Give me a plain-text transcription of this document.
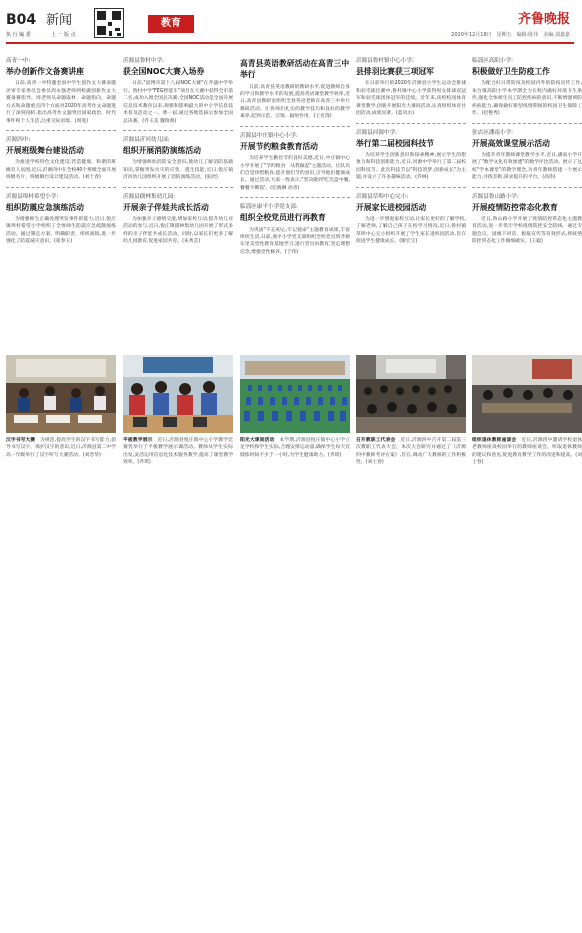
B04 新闻
执 行 编 委	上 一 版 点
教育	齐鲁晚报
2020年12月18日　星期五　编辑:陈伟　美编:刘嘉嘉
高青一中:
举办创新作文备赛讲座
日前,高青一中特邀金国中学生创作文大赛命题评审专家委员会委员周永强老师到校做创新作文大赛备赛指导。周老师从命题取材、命题指向、命题方式和命题重点四个方面对2020年高考作文命题进行了深刻剖析,指出高考作文题突出国家政治、时代事件和个人生活,注重交际语境。(周进)
沂源四中:
开展班级舞台建设活动
为推进学校特色文化建设,营造健康、和谐的班级育人氛围,近日,沂源四中在全校40个班级全面开展班级名片、班级舞台设计建设活动。(刘士春)
沂源县埠村希望小学:
组织防震应急演练活动
为增强师生正确处理突发事件的能力,近日,悦庄镇埠村希望小学组织了全体师生防震应急疏散演练活动。通过制定方案、明确职责、组织演练,进一步强化了防震减灾意识。(崔春玉)
沂源县鲁村中学:
获全国NOC大赛入场券
日前,"淄博市第十八届NOC大赛"在齐盛中学举行。鲁村中学"FEG智能车"项目在大赛中获得全市第二名,成功入围全国总决赛,全国NOC活动是全国开展信息技术教育以来,规模和影响最大的中小学信息技术普及活动之一。尊一届,通过各地选拔后参加全国总决赛。(乔玉美 魏瑞燕)
沂源县沂河幼儿园:
组织开展消防演练活动
为增强师幼消防安全意识,使幼儿了解消防基础知识,掌握突发火灾的应变、逃生技能,近日,悦庄镇沂河幼儿园组织开展了消防演练活动。(张欣)
沂源县儒林集幼儿园:
开展亲子伴娃共成长活动
为加强亲子感情交流,增加家校互动,提升幼儿对活动的参与,近日,悦庄镇儒林集幼儿园开展了形式多样的亲子伴娃共成长活动。同时,以家长们更多了解幼儿园教育,促进家园共育。(朱秀芸)
高青县英语教研活动在高青三中举行
日前,高青县英语教研的教研水平,促进教师自身的学习和教学水平的发展,提高英语课堂教学效率,近日,高青县教研室组织全县英语老师在高青三中举行教研活动。让各师们扎实的教学技巧和良好的教学素养,起到示范、引领、辐射作用。(王克锋)
沂源县中庄镇中心小学:
开展节约粮食教育活动
为培养学生勤俭节约良好美德,近日,中庄镇中心小学开展了"节约粮食　从我做起"主题活动。让队员们自觉珍惜粮食,提升他们节约意识,引导他们健康成长。通过活动,大家一致表示,"坚决做到'吃光盘中餐,餐餐不剩饭'。(任晓琳 孙青)
临淄区康平小学党支部:
组织全校党员进行再教育
为巩固"不忘初心,牢记使命"主题教育成果,丰富组织生活,日前,康平小学党支部组织全校党员到齐源东里美党性教育基地学习,进行党员再教育,坚定理想信念,增强党性修养。(于伟)
沂源县鲁村镇中心小学:
县排羽比赛获三项冠军
在日前举行的2020年沂源县小学生运动会排球和羽毛球比赛中,鲁村镇中心小学获得男女排球双冠军和羽毛球团体冠军的佳绩。近年来,该校校园体育课堂教学,创新开展阳光大课间活动,认真组织体育社团活动,成绩显著。(蓝风水)
沂源县河源中学:
举行第二届校园科技节
为培养学生创新意识和探索精神,展示学生的想象力和科技创新能力,近日,河源中学举行了第二届校园科技节。此次科技节以"科技筑梦,创新成长"为主题,并设立了许多趣味活动。(乔林)
沂源县草埠中心完小:
开展家长进校园活动
为进一步增进家校互动,让家长更好的了解学校,了解老师,了解自己孩子在校学习情况,近日,鲁村镇草埠中心完小组织开展了学生家长进校园活动,旨在促进学生健康成长。(谢宏宝)
临淄区高阳小学:
积极做好卫生防疫工作
为配合好日常防疫及校园内外的防疫宣传工作,朱台镇高阳小学本学期全力在校内做好环境卫生条件,强化全体师生员工防控疾病的意识,不断增强预防疾病能力,确保做好新型疫情期间的校园卫生保障工作。(赵艳秀)
张店区潘南小学:
开展高效课堂展示活动
为提升青年教师课堂教学水平,近日,潘南小学开展了"数学文化有效渗透"的数学评比活动。展示了这校"学本课堂"的教学理念,为青年教师搭建一个展示能力,寻找差距,谋求提升的平台。(高伟)
沂源县鲁山路小学:
开展疫情防控常态化教育
近日,鲁山路小学开展了疫情防控常态化主题教育活动,进一步筑牢学校疫情防控安全防线。通过专题会议、国旗下讲话、板报宣传等有效形式,将疫情防控常态化工作做细做实。(王聪)
汉字书写大赛　 为规范,提高学生的汉字书写能力,倡导书写汉字、保护汉字的意识,近日,沂源县第二中学高一年级举行了汉字听写大赛活动。(刘念华)
平板教学展示　 近日,沂源县悦庄镇中心小学教学比赛优举行了平板教学展示课活动。教师从学生实际出发,灵活运用信息化技术服务教学,提高了课堂教学效率。(乔琪)
阳光大课间活动　 本学期,沂源县悦庄镇中心小学立足学校和学生实际,合理安排运动量,确保学生每天有锻炼时间不少于一小时,为学生健康助力。(齐琦)
召开教职工代表会　 近日,沂源四中召开第二届第三次教职工代表大会。本次大会研究并通过了《沂源四中教师考评方案》,旨在,调动广大教师的工作积极性。(刘士春)
组织退休教师座谈会　 近日,沂源四中邀请学校退休老教师座谈校园举行的教师座谈会。听取退休教师的建议和意见,促进教育教学工作的改进和提高。(刘士春)
